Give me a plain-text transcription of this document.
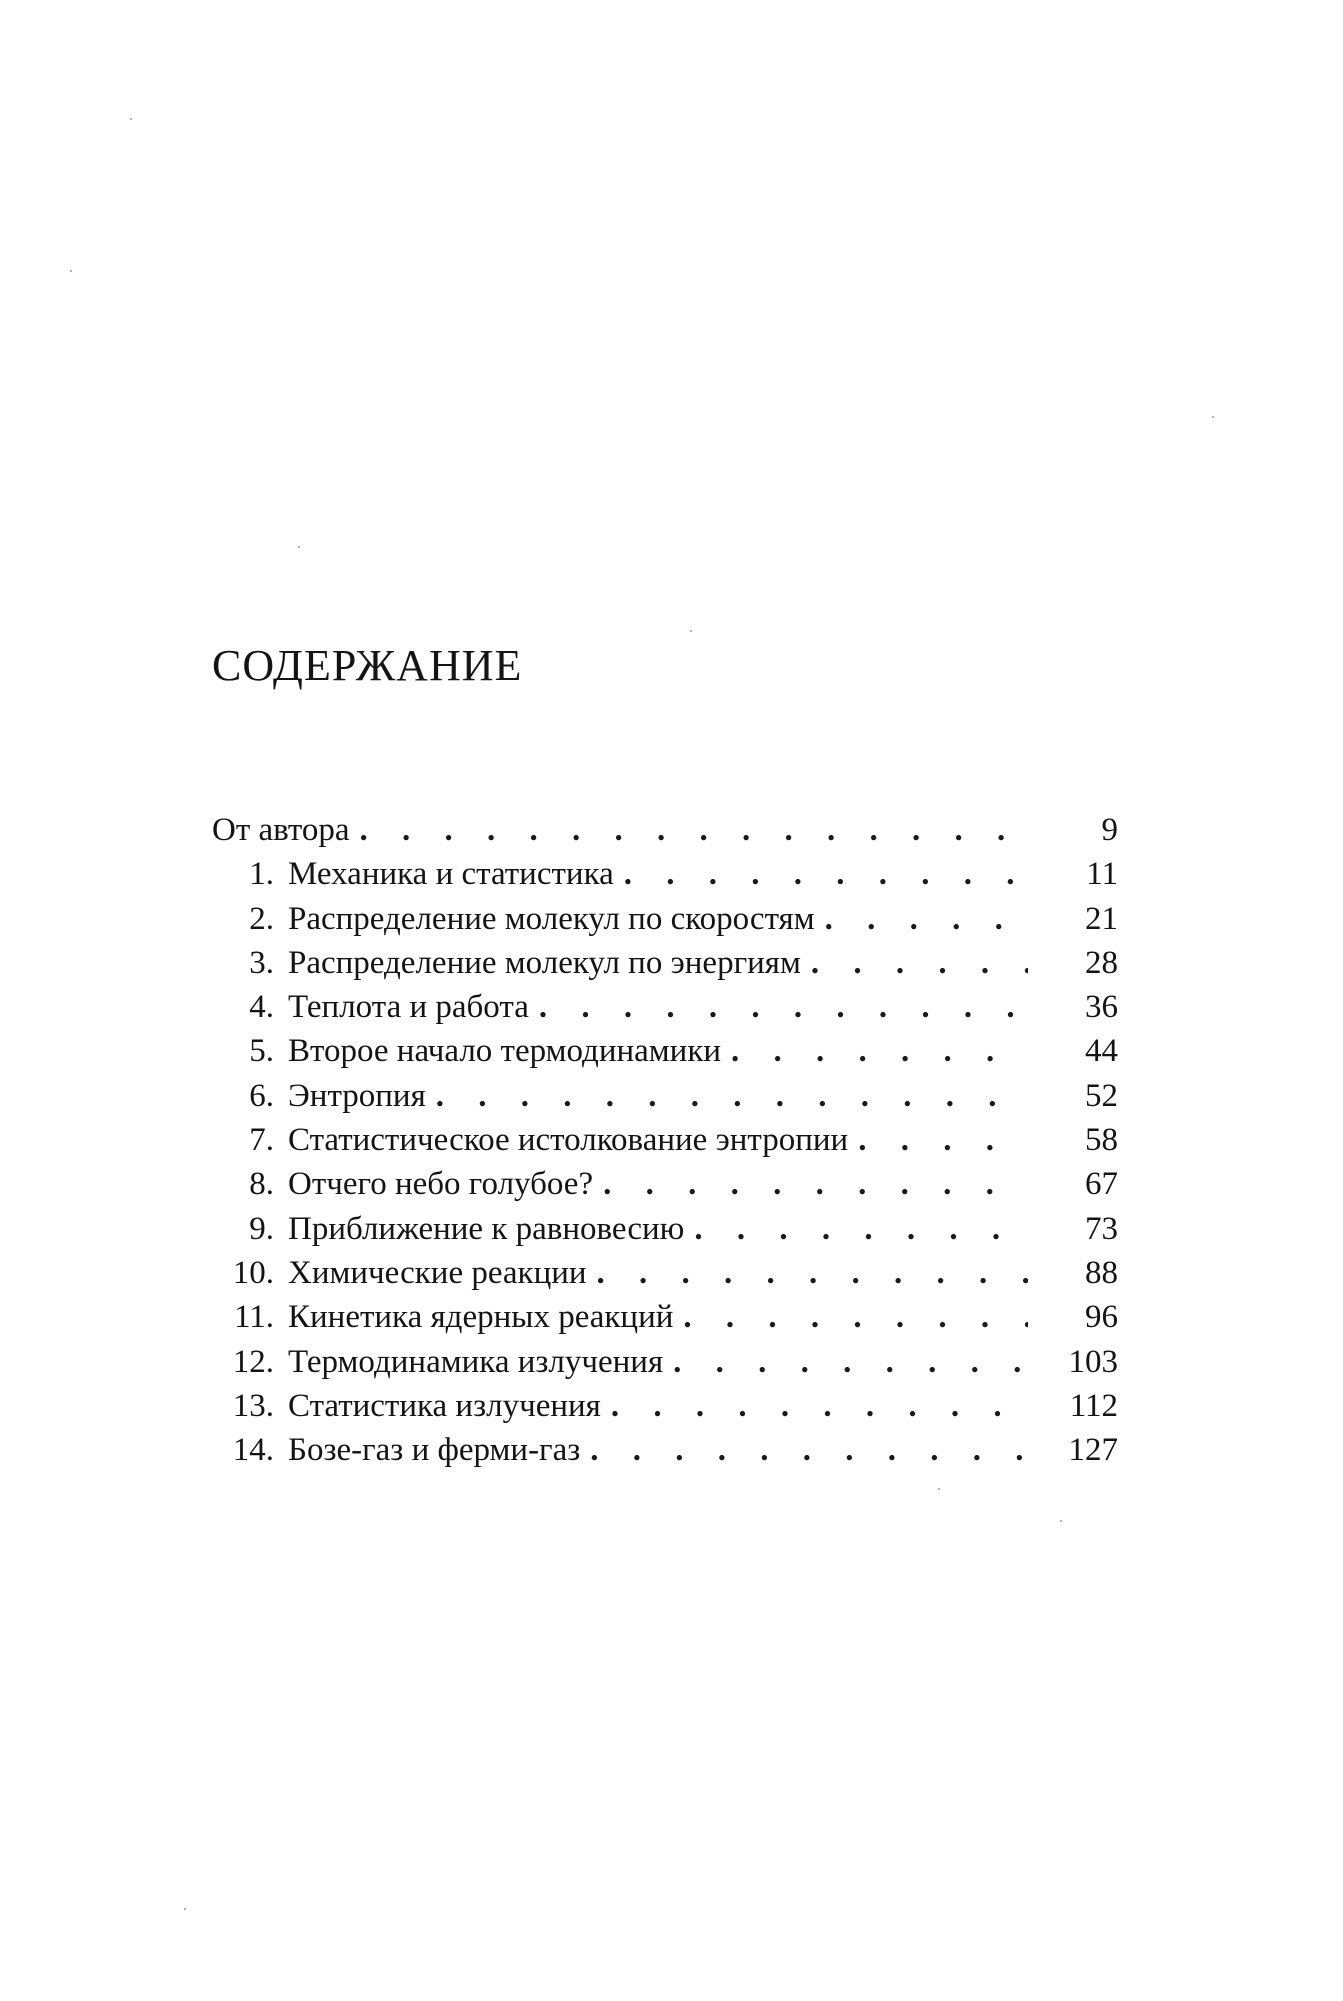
СОДЕРЖАНИЕ
От автора . . .	9
1. Механика и статистика . . .	11
2. Распределение молекул по скоростям . . .	21
3. Распределение молекул по энергиям . . .	28
4. Теплота и работа . . .	36
5. Второе начало термодинамики . . .	44
6. Энтропия . . .	52
7. Статистическое истолкование энтропии . . .	58
8. Отчего небо голубое? . . .	67
9. Приближение к равновесию . . .	73
10. Химические реакции . . .	88
11. Кинетика ядерных реакций . . .	96
12. Термодинамика излучения . . .	103
13. Статистика излучения . . .	112
14. Бозе-газ и ферми-газ . . .	127
